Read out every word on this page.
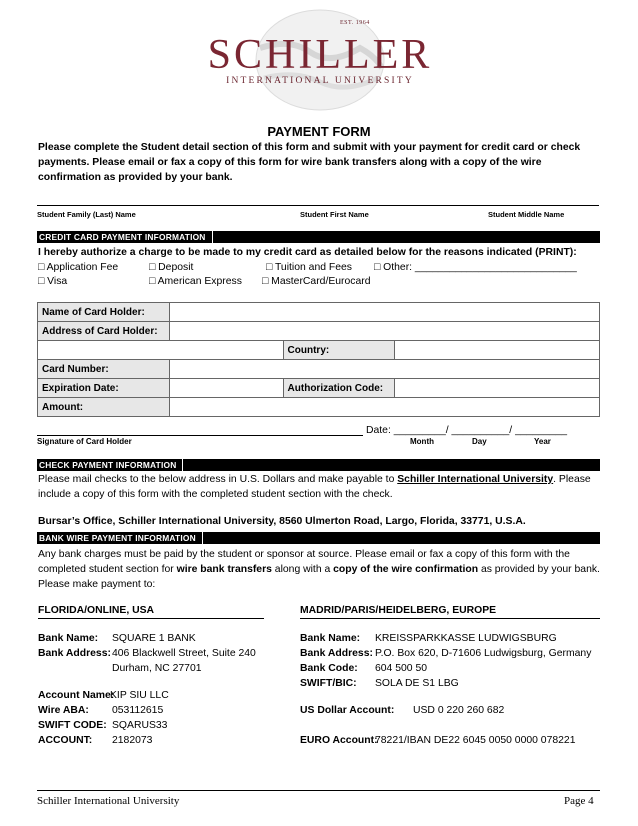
EST. 1964
SCHILLER
INTERNATIONAL UNIVERSITY
PAYMENT FORM
Please complete the Student detail section of this form and submit with your payment for credit card or check payments. Please email or fax a copy of this form for wire bank transfers along with a copy of the wire confirmation as provided by your bank.
Student Family (Last) Name	Student First Name	Student Middle Name
CREDIT CARD PAYMENT INFORMATION
I hereby authorize a charge to be made to my credit card as detailed below for the reasons indicated (PRINT):
□ Application Fee	□ Deposit	□ Tuition and Fees □ Other: ____________________________
□ Visa	□ American Express □ MasterCard/Eurocard
Name of Card Holder:			
Address of Card Holder:			
		Country:	
Card Number:			
Expiration Date:		Authorization Code:	
Amount:			
Date: _________/ __________/ _________
Signature of Card Holder	Month	Day	Year
CHECK PAYMENT INFORMATION
Please mail checks to the below address in U.S. Dollars and make payable to Schiller International University. Please
include a copy of this form with the completed student section with the check.
Bursar’s Office, Schiller International University, 8560 Ulmerton Road, Largo, Florida, 33771, U.S.A.
BANK WIRE PAYMENT INFORMATION
Any bank charges must be paid by the student or sponsor at source. Please email or fax a copy of this form with the
completed student section for wire bank transfers along with a copy of the wire confirmation as provided by your bank.
Please make payment to:
FLORIDA/ONLINE, USA
Bank Name: SQUARE 1 BANK
Bank Address: 406 Blackwell Street, Suite 240
Durham, NC 27701
Account Name:
KIP SIU LLC
Wire ABA: 053112615
SWIFT CODE: SQARUS33
ACCOUNT: 2182073
MADRID/PARIS/HEIDELBERG, EUROPE
Bank Name: KREISSPARKKASSE LUDWIGSBURG
Bank Address: P.O. Box 620, D-71606 Ludwigsburg, Germany
Bank Code: 604 500 50
SWIFT/BIC: SOLA DE S1 LBG
US Dollar Account: USD 0 220 260 682
EURO Account:
78221/IBAN DE22 6045 0050 0000 078221
Schiller International University	Page 4
